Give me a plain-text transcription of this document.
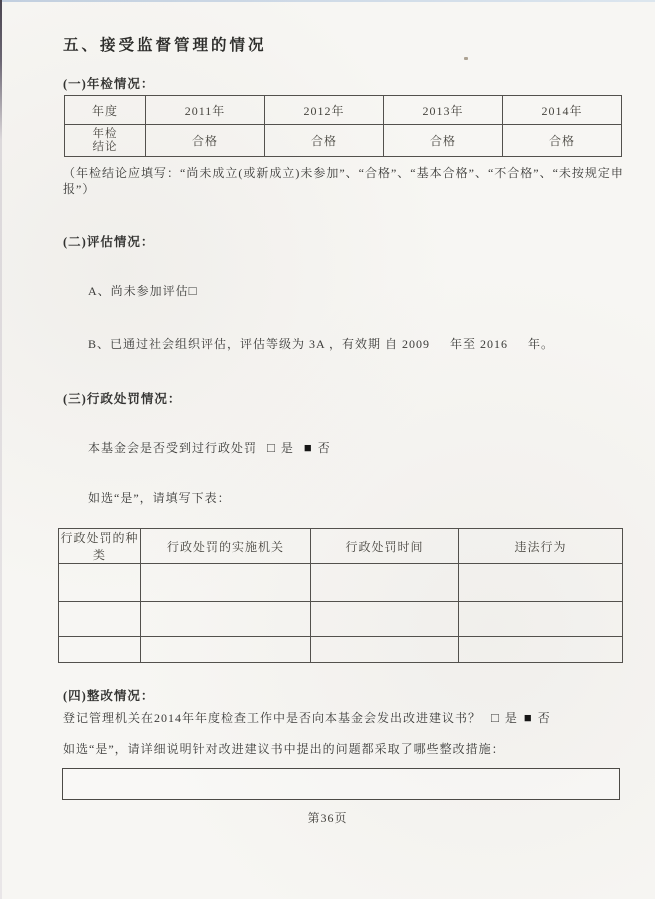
五、接受监督管理的情况
(一)年检情况：
年度	2011年	2012年	2013年	2014年

年检
结论	合格	合格	合格	合格
（年检结论应填写：“尚未成立(或新成立)未参加”、“合格”、“基本合格”、“不合格”、“未按规定申报”）
(二)评估情况：
A、尚未参加评估□
B、已通过社会组织评估，评估等级为 3A ，有效期 自 2009     年至 2016     年。
(三)行政处罚情况：
本基金会是否受到过行政处罚 □ 是 ■ 否
如选“是”，请填写下表：
行政处罚的种类	行政处罚的实施机关	行政处罚时间	违法行为

(四)整改情况：
登记管理机关在2014年年度检查工作中是否向本基金会发出改进建议书？ □ 是 ■ 否
如选“是”，请详细说明针对改进建议书中提出的问题都采取了哪些整改措施：
第36页
